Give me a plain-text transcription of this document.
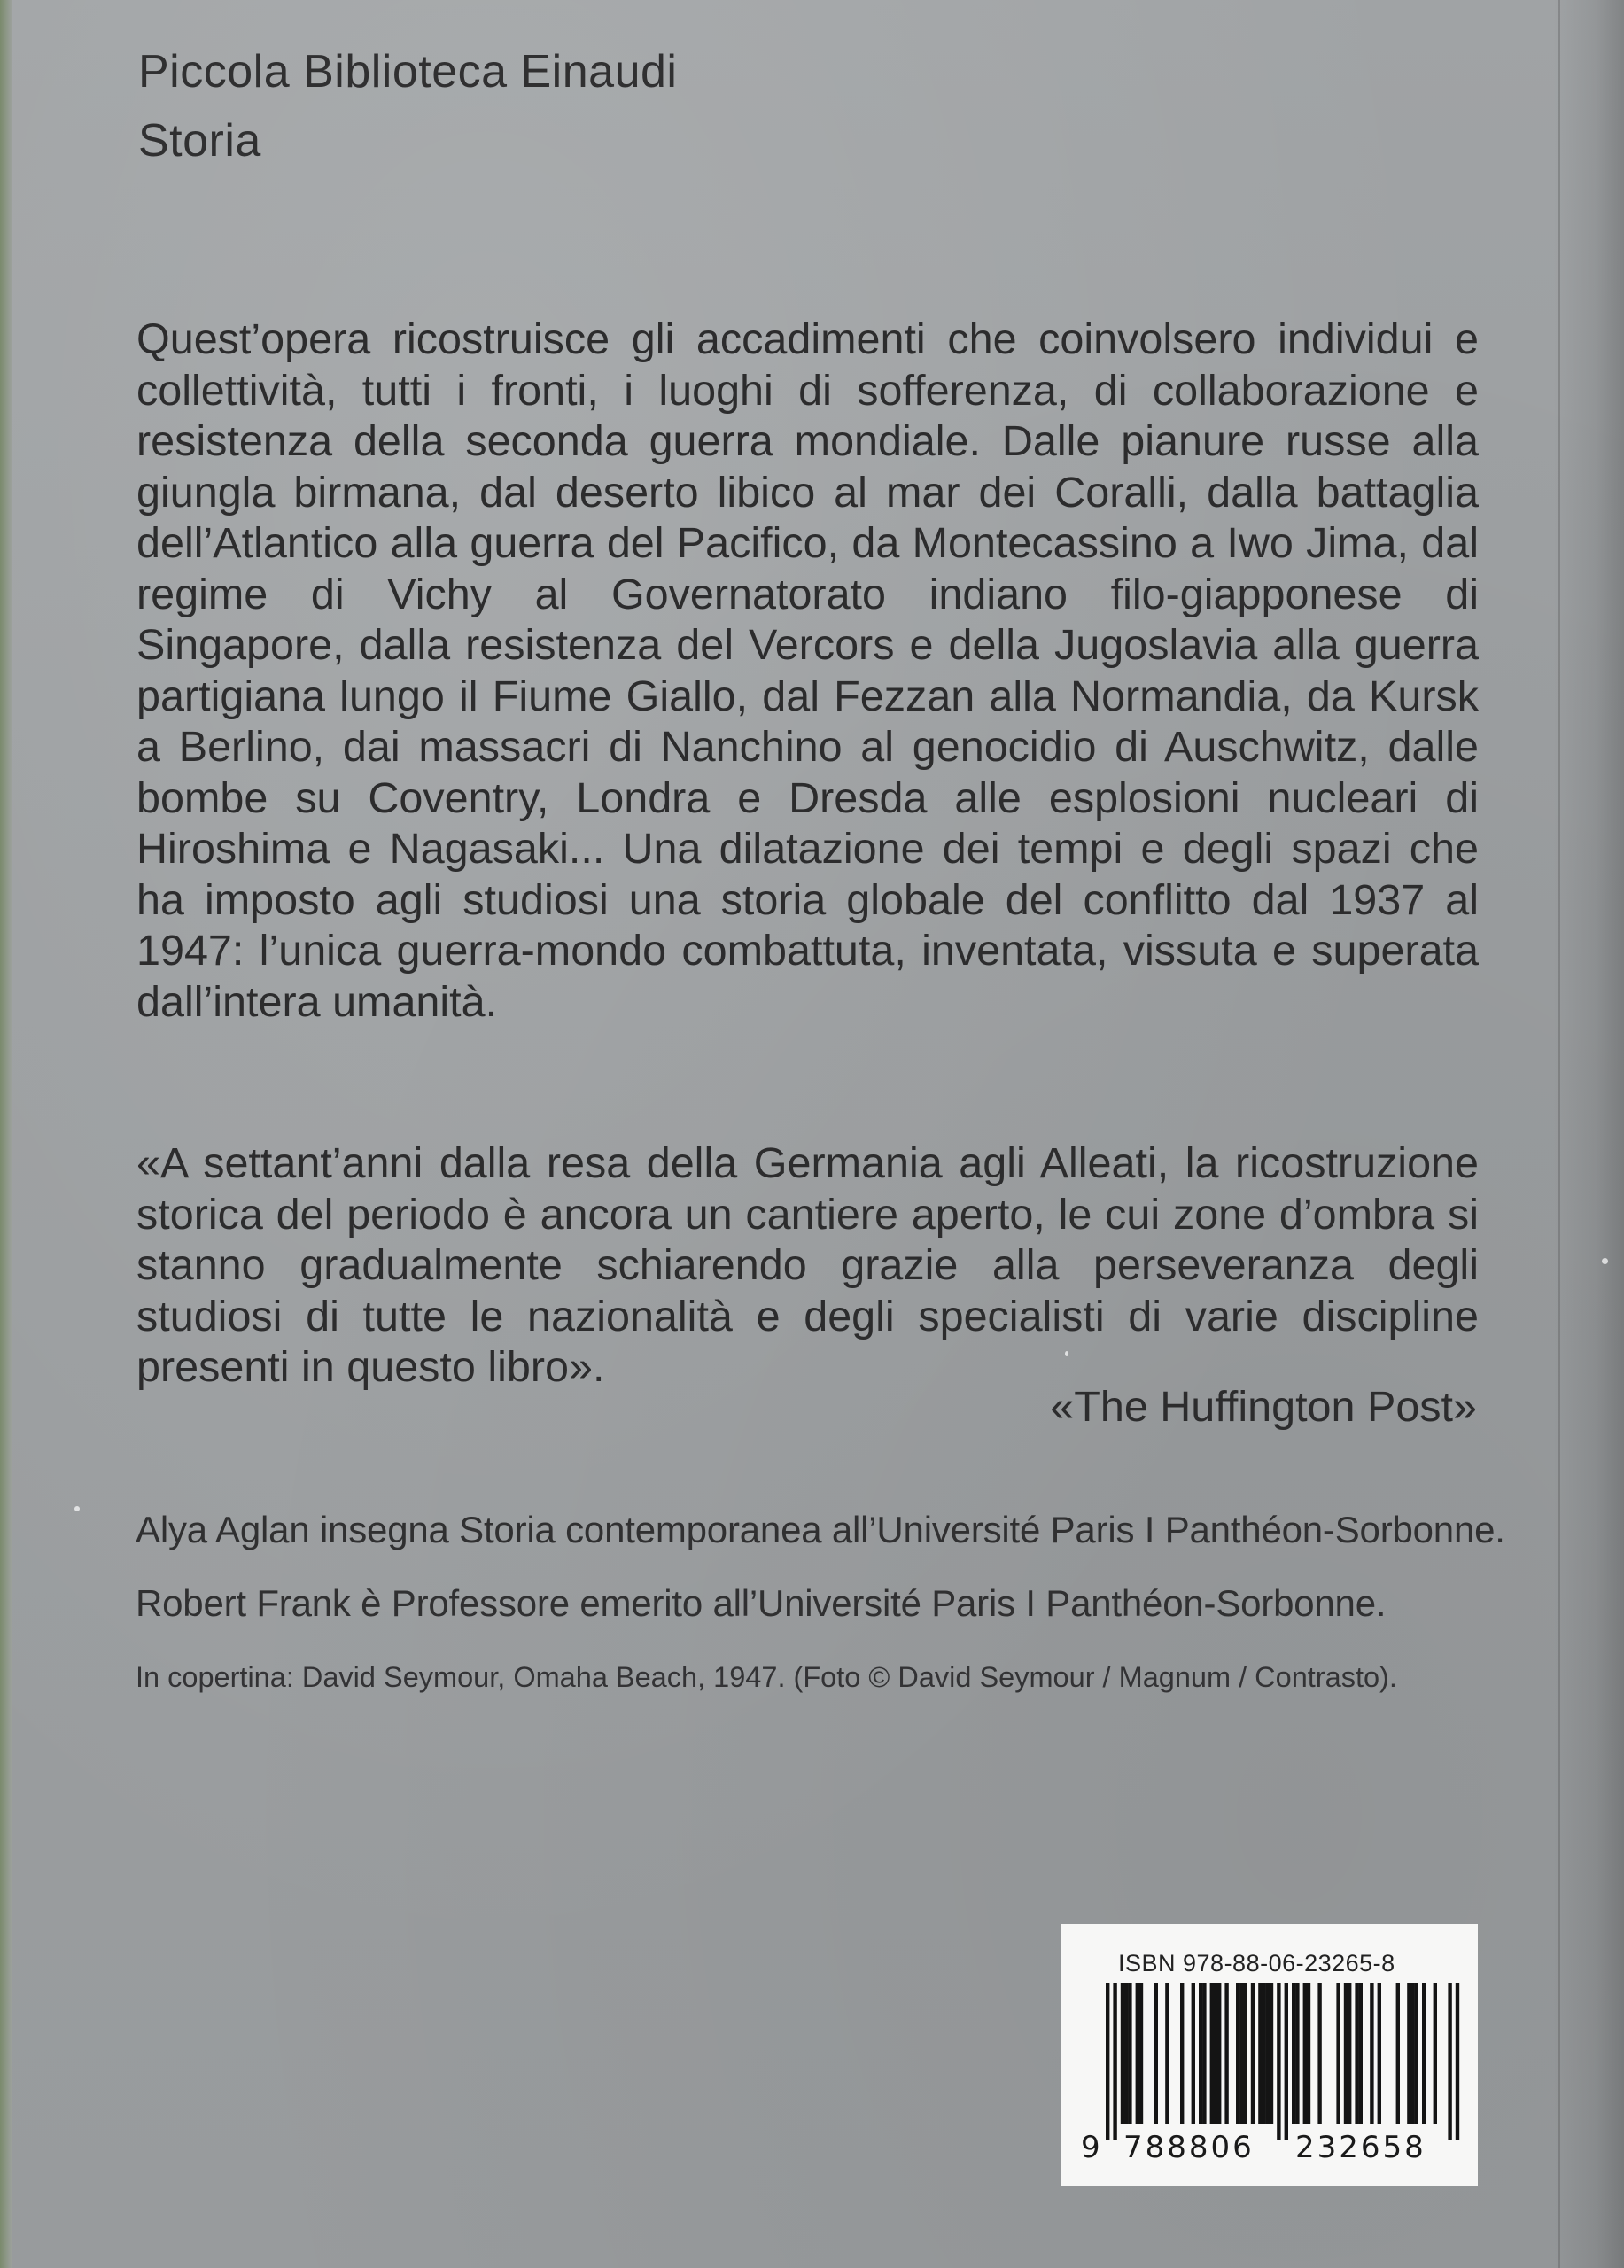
Piccola Biblioteca Einaudi
Storia

Quest’opera ricostruisce gli accadimenti che coinvolsero individui e collettività, tutti i fronti, i luoghi di sofferenza, di collaborazione e resistenza della seconda guerra mondiale. Dalle pianure russe alla giungla birmana, dal deserto libico al mar dei Coralli, dalla battaglia dell’Atlantico alla guerra del Pacifico, da Montecassino a Iwo Jima, dal regime di Vichy al Governatorato indiano filo-giapponese di Singapore, dalla resistenza del Vercors e della Jugoslavia alla guerra partigiana lungo il Fiume Giallo, dal Fezzan alla Normandia, da Kursk a Berlino, dai massacri di Nanchino al genocidio di Auschwitz, dalle bombe su Coventry, Londra e Dresda alle esplosioni nucleari di Hiroshima e Nagasaki... Una dilatazione dei tempi e degli spazi che ha imposto agli studiosi una storia globale del conflitto dal 1937 al 1947: l’unica guerra-mondo combattuta, inventata, vissuta e superata dall’intera umanità.

«A settant’anni dalla resa della Germania agli Alleati, la ricostruzione storica del periodo è ancora un cantiere aperto, le cui zone d’ombra si stanno gradualmente schiarendo grazie alla perseveranza degli studiosi di tutte le nazionalità e degli specialisti di varie discipline presenti in questo libro».

«The Huffington Post»
Alya Aglan insegna Storia contemporanea all’Université Paris I Panthéon-Sorbonne.
Robert Frank è Professore emerito all’Université Paris I Panthéon-Sorbonne.
In copertina: David Seymour, Omaha Beach, 1947. (Foto © David Seymour / Magnum / Contrasto).
ISBN 978-88-06-23265-8
9 788806 232658
